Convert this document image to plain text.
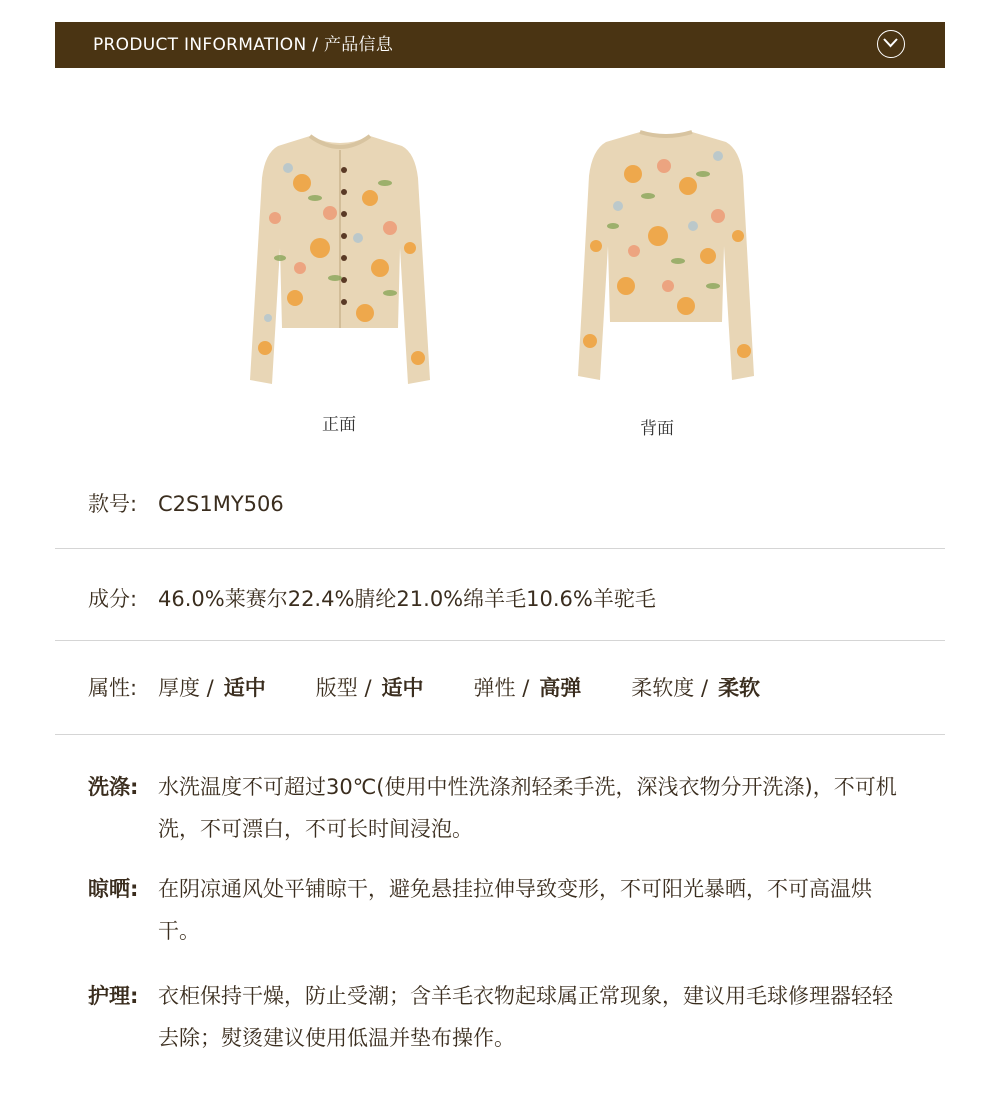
PRODUCT INFORMATION / 产品信息
正面	背面
款号: C2S1MY506
成分: 46.0%莱赛尔22.4%腈纶21.0%绵羊毛10.6%羊驼毛
属性: 厚度 / 适中 版型 / 适中 弹性 / 高弹 柔软度 / 柔软
洗涤: 水洗温度不可超过30℃(使用中性洗涤剂轻柔手洗，深浅衣物分开洗涤)，不可机洗，不可漂白，不可长时间浸泡。
晾晒: 在阴凉通风处平铺晾干，避免悬挂拉伸导致变形，不可阳光暴晒，不可高温烘干。
护理: 衣柜保持干燥，防止受潮；含羊毛衣物起球属正常现象，建议用毛球修理器轻轻去除；熨烫建议使用低温并垫布操作。
